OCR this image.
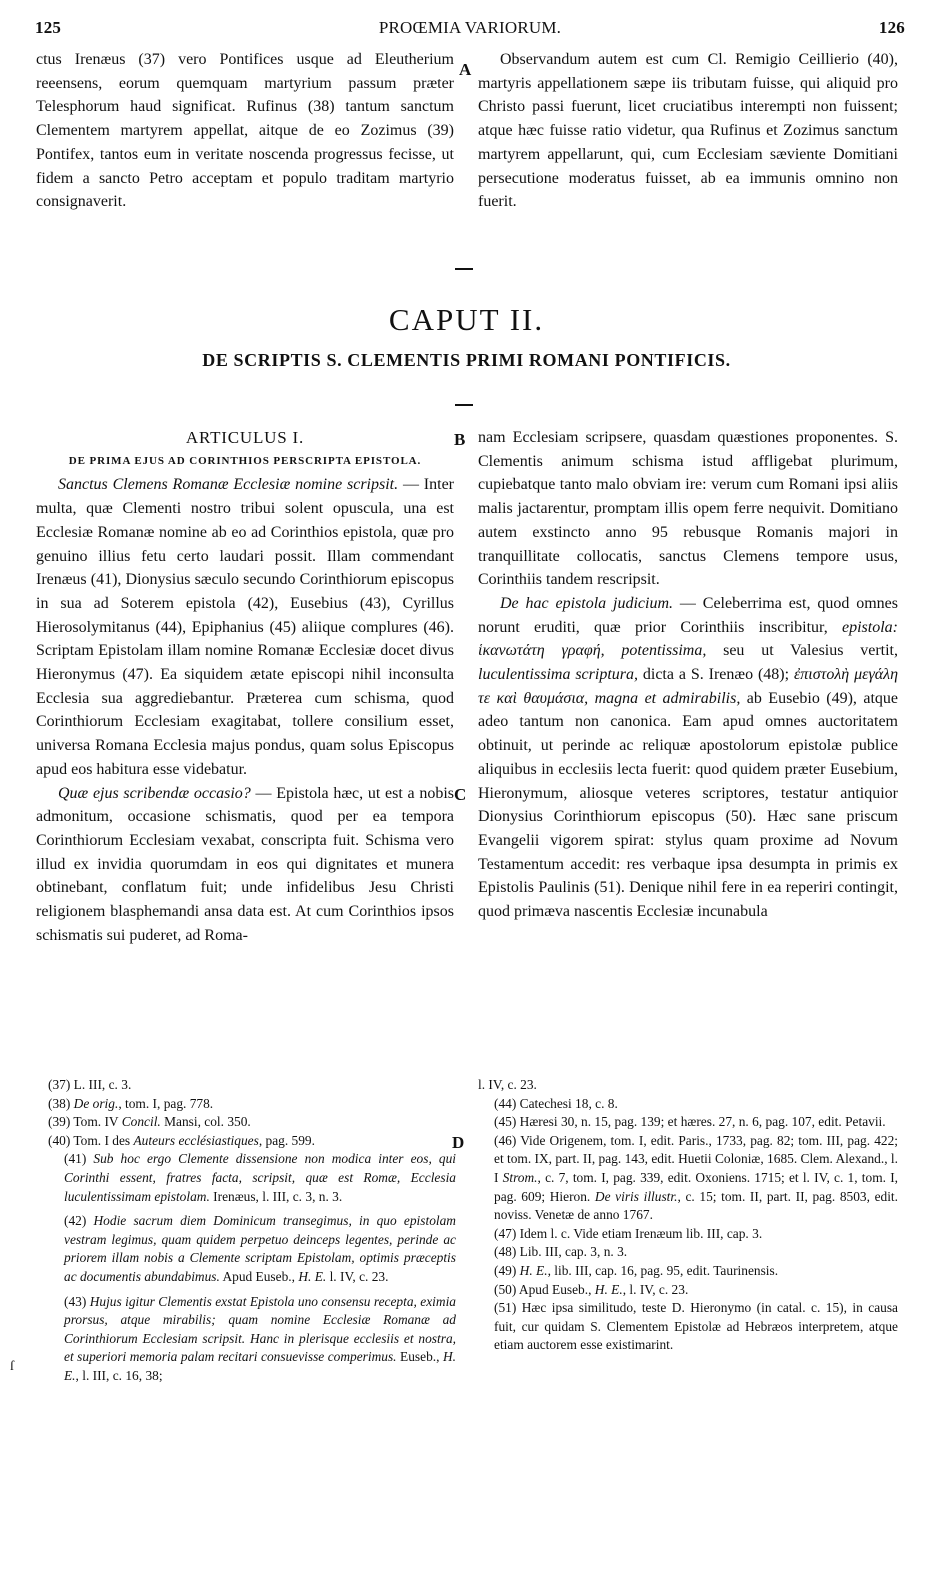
125	PROŒMIA VARIORUM.	126

ctus Irenæus (37) vero Pontifices usque ad Eleutherium reeensens, eorum quemquam martyrium passum præter Telesphorum haud significat. Rufinus (38) tantum sanctum Clementem martyrem appellat, aitque de eo Zozimus (39) Pontifex, tantos eum in veritate noscenda progressus fecisse, ut fidem a sancto Petro acceptam et populo traditam martyrio consignaverit.

A

Observandum autem est cum Cl. Remigio Ceillierio (40), martyris appellationem sæpe iis tributam fuisse, qui aliquid pro Christo passi fuerunt, licet cruciatibus interempti non fuissent; atque hæc fuisse ratio videtur, qua Rufinus et Zozimus sanctum martyrem appellarunt, qui, cum Ecclesiam sæviente Domitiani persecutione moderatus fuisset, ab ea immunis omnino non fuerit.

CAPUT II.
DE SCRIPTIS S. CLEMENTIS PRIMI ROMANI PONTIFICIS.

ARTICULUS I.

DE PRIMA EJUS AD CORINTHIOS PERSCRIPTA EPISTOLA.

Sanctus Clemens Romanæ Ecclesiæ nomine scripsit. — Inter multa, quæ Clementi nostro tribui solent opuscula, una est Ecclesiæ Romanæ nomine ab eo ad Corinthios epistola, quæ pro genuino illius fetu certo laudari possit. Illam commendant Irenæus (41), Dionysius sæculo secundo Corinthiorum episcopus in sua ad Soterem epistola (42), Eusebius (43), Cyrillus Hierosolymitanus (44), Epiphanius (45) aliique complures (46). Scriptam Epistolam illam nomine Romanæ Ecclesiæ docet divus Hieronymus (47). Ea siquidem ætate episcopi nihil inconsulta Ecclesia sua aggrediebantur. Præterea cum schisma, quod Corinthiorum Ecclesiam exagitabat, tollere consilium esset, universa Romana Ecclesia majus pondus, quam solus Episcopus apud eos habitura esse videbatur.

Quæ ejus scribendæ occasio? — Epistola hæc, ut est a nobis admonitum, occasione schismatis, quod per ea tempora Corinthiorum Ecclesiam vexabat, conscripta fuit. Schisma vero illud ex invidia quorumdam in eos qui dignitates et munera obtinebant, conflatum fuit; unde infidelibus Jesu Christi religionem blasphemandi ansa data est. At cum Corinthios ipsos schismatis sui puderet, ad Roma-

B
C

nam Ecclesiam scripsere, quasdam quæstiones proponentes. S. Clementis animum schisma istud affligebat plurimum, cupiebatque tanto malo obviam ire: verum cum Romani ipsi aliis malis jactarentur, promptam illis opem ferre nequivit. Domitiano autem exstincto anno 95 rebusque Romanis majori in tranquillitate collocatis, sanctus Clemens tempore usus, Corinthiis tandem rescripsit.

De hac epistola judicium. — Celeberrima est, quod omnes norunt eruditi, quæ prior Corinthiis inscribitur, epistola: ἱκανωτάτη γραφή, potentissima, seu ut Valesius vertit, luculentissima scriptura, dicta a S. Irenæo (48); ἐπιστολὴ μεγάλη τε καὶ θαυμάσια, magna et admirabilis, ab Eusebio (49), atque adeo tantum non canonica. Eam apud omnes auctoritatem obtinuit, ut perinde ac reliquæ apostolorum epistolæ publice aliquibus in ecclesiis lecta fuerit: quod quidem præter Eusebium, Hieronymum, aliosque veteres scriptores, testatur antiquior Dionysius Corinthiorum episcopus (50). Hæc sane priscum Evangelii vigorem spirat: stylus quam proxime ad Novum Testamentum accedit: res verbaque ipsa desumpta in primis ex Epistolis Paulinis (51). Denique nihil fere in ea reperiri contingit, quod primæva nascentis Ecclesiæ incunabula

(37) L. III, c. 3.

(38) De orig., tom. I, pag. 778.

(39) Tom. IV Concil. Mansi, col. 350.

(40) Tom. I des Auteurs ecclésiastiques, pag. 599.

(41) Sub hoc ergo Clemente dissensione non modica inter eos, qui Corinthi essent, fratres facta, scripsit, quæ est Romæ, Ecclesia luculentissimam epistolam. Irenæus, l. III, c. 3, n. 3.

(42) Hodie sacrum diem Dominicum transegimus, in quo epistolam vestram legimus, quam quidem perpetuo deinceps legentes, perinde ac priorem illam nobis a Clemente scriptam Epistolam, optimis præceptis ac documentis abundabimus. Apud Euseb., H. E. l. IV, c. 23.

(43) Hujus igitur Clementis exstat Epistola uno consensu recepta, eximia prorsus, atque mirabilis; quam nomine Ecclesiæ Romanæ ad Corinthiorum Ecclesiam scripsit. Hanc in plerisque ecclesiis et nostra, et superiori memoria palam recitari consuevisse comperimus. Euseb., H. E., l. III, c. 16, 38;

D

l. IV, c. 23.

(44) Catechesi 18, c. 8.

(45) Hæresi 30, n. 15, pag. 139; et hæres. 27, n. 6, pag. 107, edit. Petavii.

(46) Vide Origenem, tom. I, edit. Paris., 1733, pag. 82; tom. III, pag. 422; et tom. IX, part. II, pag. 143, edit. Huetii Coloniæ, 1685. Clem. Alexand., l. I Strom., c. 7, tom. I, pag. 339, edit. Oxoniens. 1715; et l. IV, c. 1, tom. I, pag. 609; Hieron. De viris illustr., c. 15; tom. II, part. II, pag. 8503, edit. noviss. Venetæ de anno 1767.

(47) Idem l. c. Vide etiam Irenæum lib. III, cap. 3.

(48) Lib. III, cap. 3, n. 3.

(49) H. E., lib. III, cap. 16, pag. 95, edit. Taurinensis.

(50) Apud Euseb., H. E., l. IV, c. 23.

(51) Hæc ipsa similitudo, teste D. Hieronymo (in catal. c. 15), in causa fuit, cur quidam S. Clementem Epistolæ ad Hebræos interpretem, atque etiam auctorem esse existimarint.

ſ
